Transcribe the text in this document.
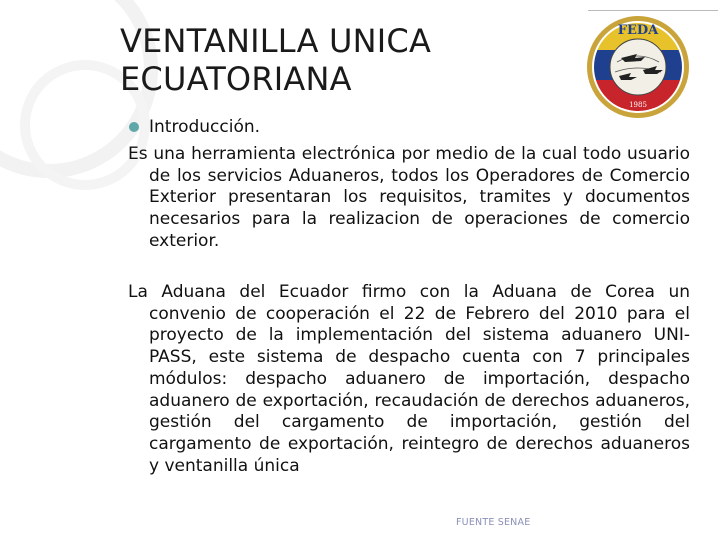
VENTANILLA UNICA
ECUATORIANA
FEDA
1985
Introducción.
Es una herramienta electrónica por medio de la cual todo usuario de los servicios Aduaneros, todos los Operadores de Comercio Exterior presentaran los requisitos, tramites y documentos necesarios para la realizacion de operaciones de comercio exterior.
La Aduana del Ecuador firmo con la Aduana de Corea un convenio de cooperación el 22 de Febrero del 2010 para el proyecto de la implementación del sistema aduanero UNI-PASS, este sistema de despacho cuenta con 7 principales módulos: despacho aduanero de importación, despacho aduanero de exportación, recaudación de derechos aduaneros, gestión del cargamento de importación, gestión del cargamento de exportación, reintegro de derechos aduaneros y ventanilla única
FUENTE SENAE
